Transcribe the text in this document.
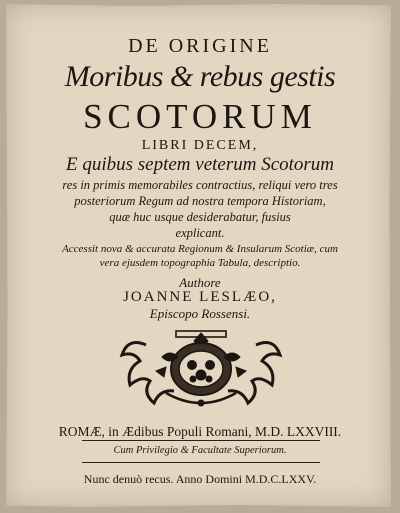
DE ORIGINE
Moribus & rebus gestis
SCOTORUM
LIBRI DECEM,
E quibus septem veterum Scotorum
res in primis memorabiles contractius, reliqui vero tres
posteriorum Regum ad nostra tempora Historiam,
quæ huc usque desiderabatur, fusius
explicant.
Accessit nova & accurata Regionum & Insularum Scotiæ, cum
vera ejusdem topographia Tabula, descriptio.
Authore
JOANNE LESLÆO,
Episcopo Rossensi.
ROMÆ, in Ædibus Populi Romani, M.D. LXXVIII.
Cum Privilegio & Facultate Superiorum.
Nunc denuò recus. Anno Domini M.D.C.LXXV.
